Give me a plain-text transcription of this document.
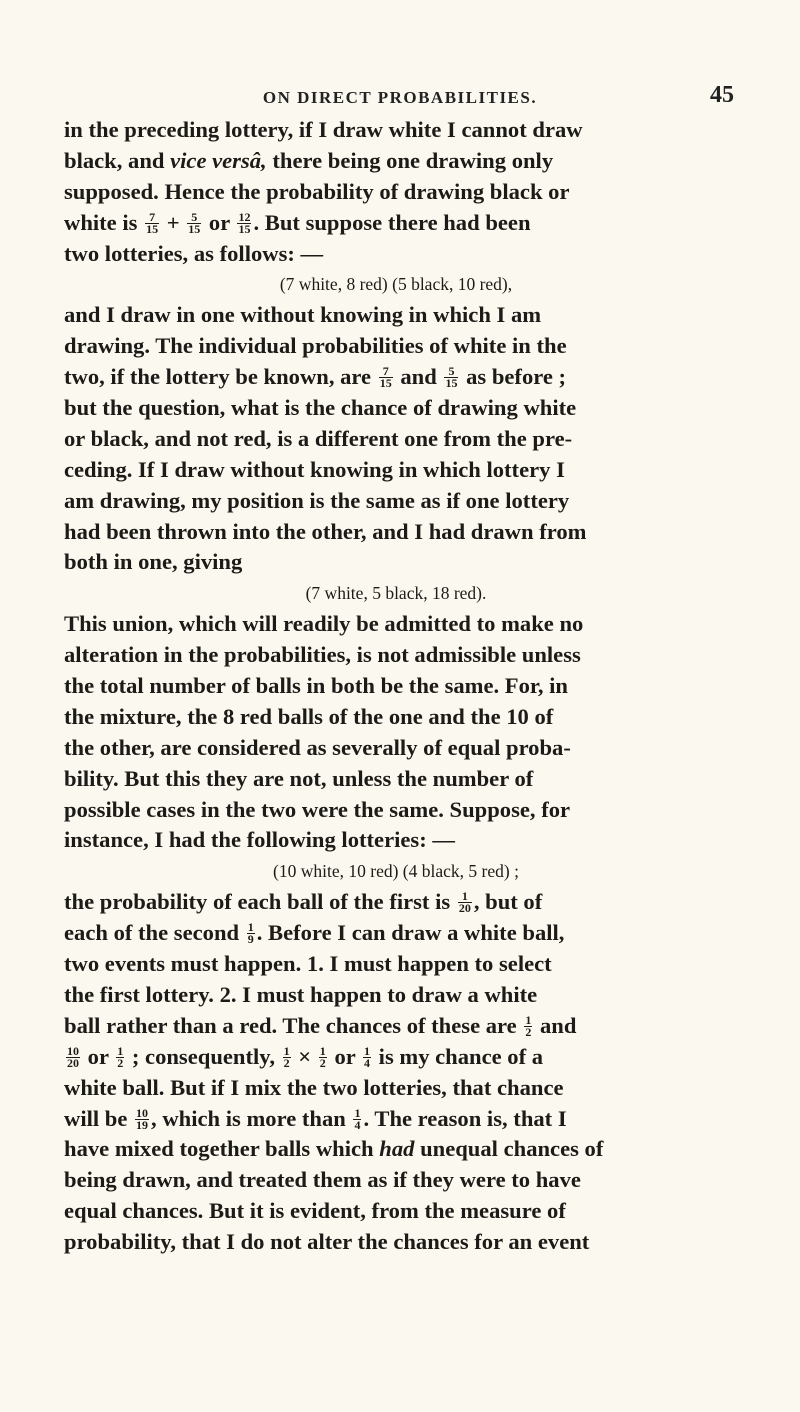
ON DIRECT PROBABILITIES.	45
in the preceding lottery, if I draw white I cannot draw
black, and vice versâ, there being one drawing only
supposed. Hence the probability of drawing black or
white is $\frac{7}{15} + \frac{5}{15}$ or $\frac{12}{15}$ . But suppose there had been
two lotteries, as follows: —
(7 white, 8 red) (5 black, 10 red),
and I draw in one without knowing in which I am
drawing. The individual probabilities of white in the
two, if the lottery be known, are $\frac{7}{15}$ and $\frac{5}{15}$ as before ;
but the question, what is the chance of drawing white
or black, and not red, is a different one from the pre-
ceding. If I draw without knowing in which lottery I
am drawing, my position is the same as if one lottery
had been thrown into the other, and I had drawn from
both in one, giving
(7 white, 5 black, 18 red).
This union, which will readily be admitted to make no
alteration in the probabilities, is not admissible unless
the total number of balls in both be the same. For, in
the mixture, the 8 red balls of the one and the 10 of
the other, are considered as severally of equal proba-
bility. But this they are not, unless the number of
possible cases in the two were the same. Suppose, for
instance, I had the following lotteries: —
(10 white, 10 red) (4 black, 5 red) ;
the probability of each ball of the first is $\frac{1}{20}$ , but of
each of the second $\frac{1}{9}$ . Before I can draw a white ball,
two events must happen. 1. I must happen to select
the first lottery. 2. I must happen to draw a white
ball rather than a red. The chances of these are $\frac{1}{2}$ and
$\frac{10}{20}$ or $\frac{1}{2}$ ; consequently, $\frac{1}{2} \times \frac{1}{2}$ or $\frac{1}{4}$ is my chance of a
white ball. But if I mix the two lotteries, that chance
will be $\frac{10}{19}$ , which is more than $\frac{1}{4}$ . The reason is, that I
have mixed together balls which had unequal chances of
being drawn, and treated them as if they were to have
equal chances. But it is evident, from the measure of
probability, that I do not alter the chances for an event
